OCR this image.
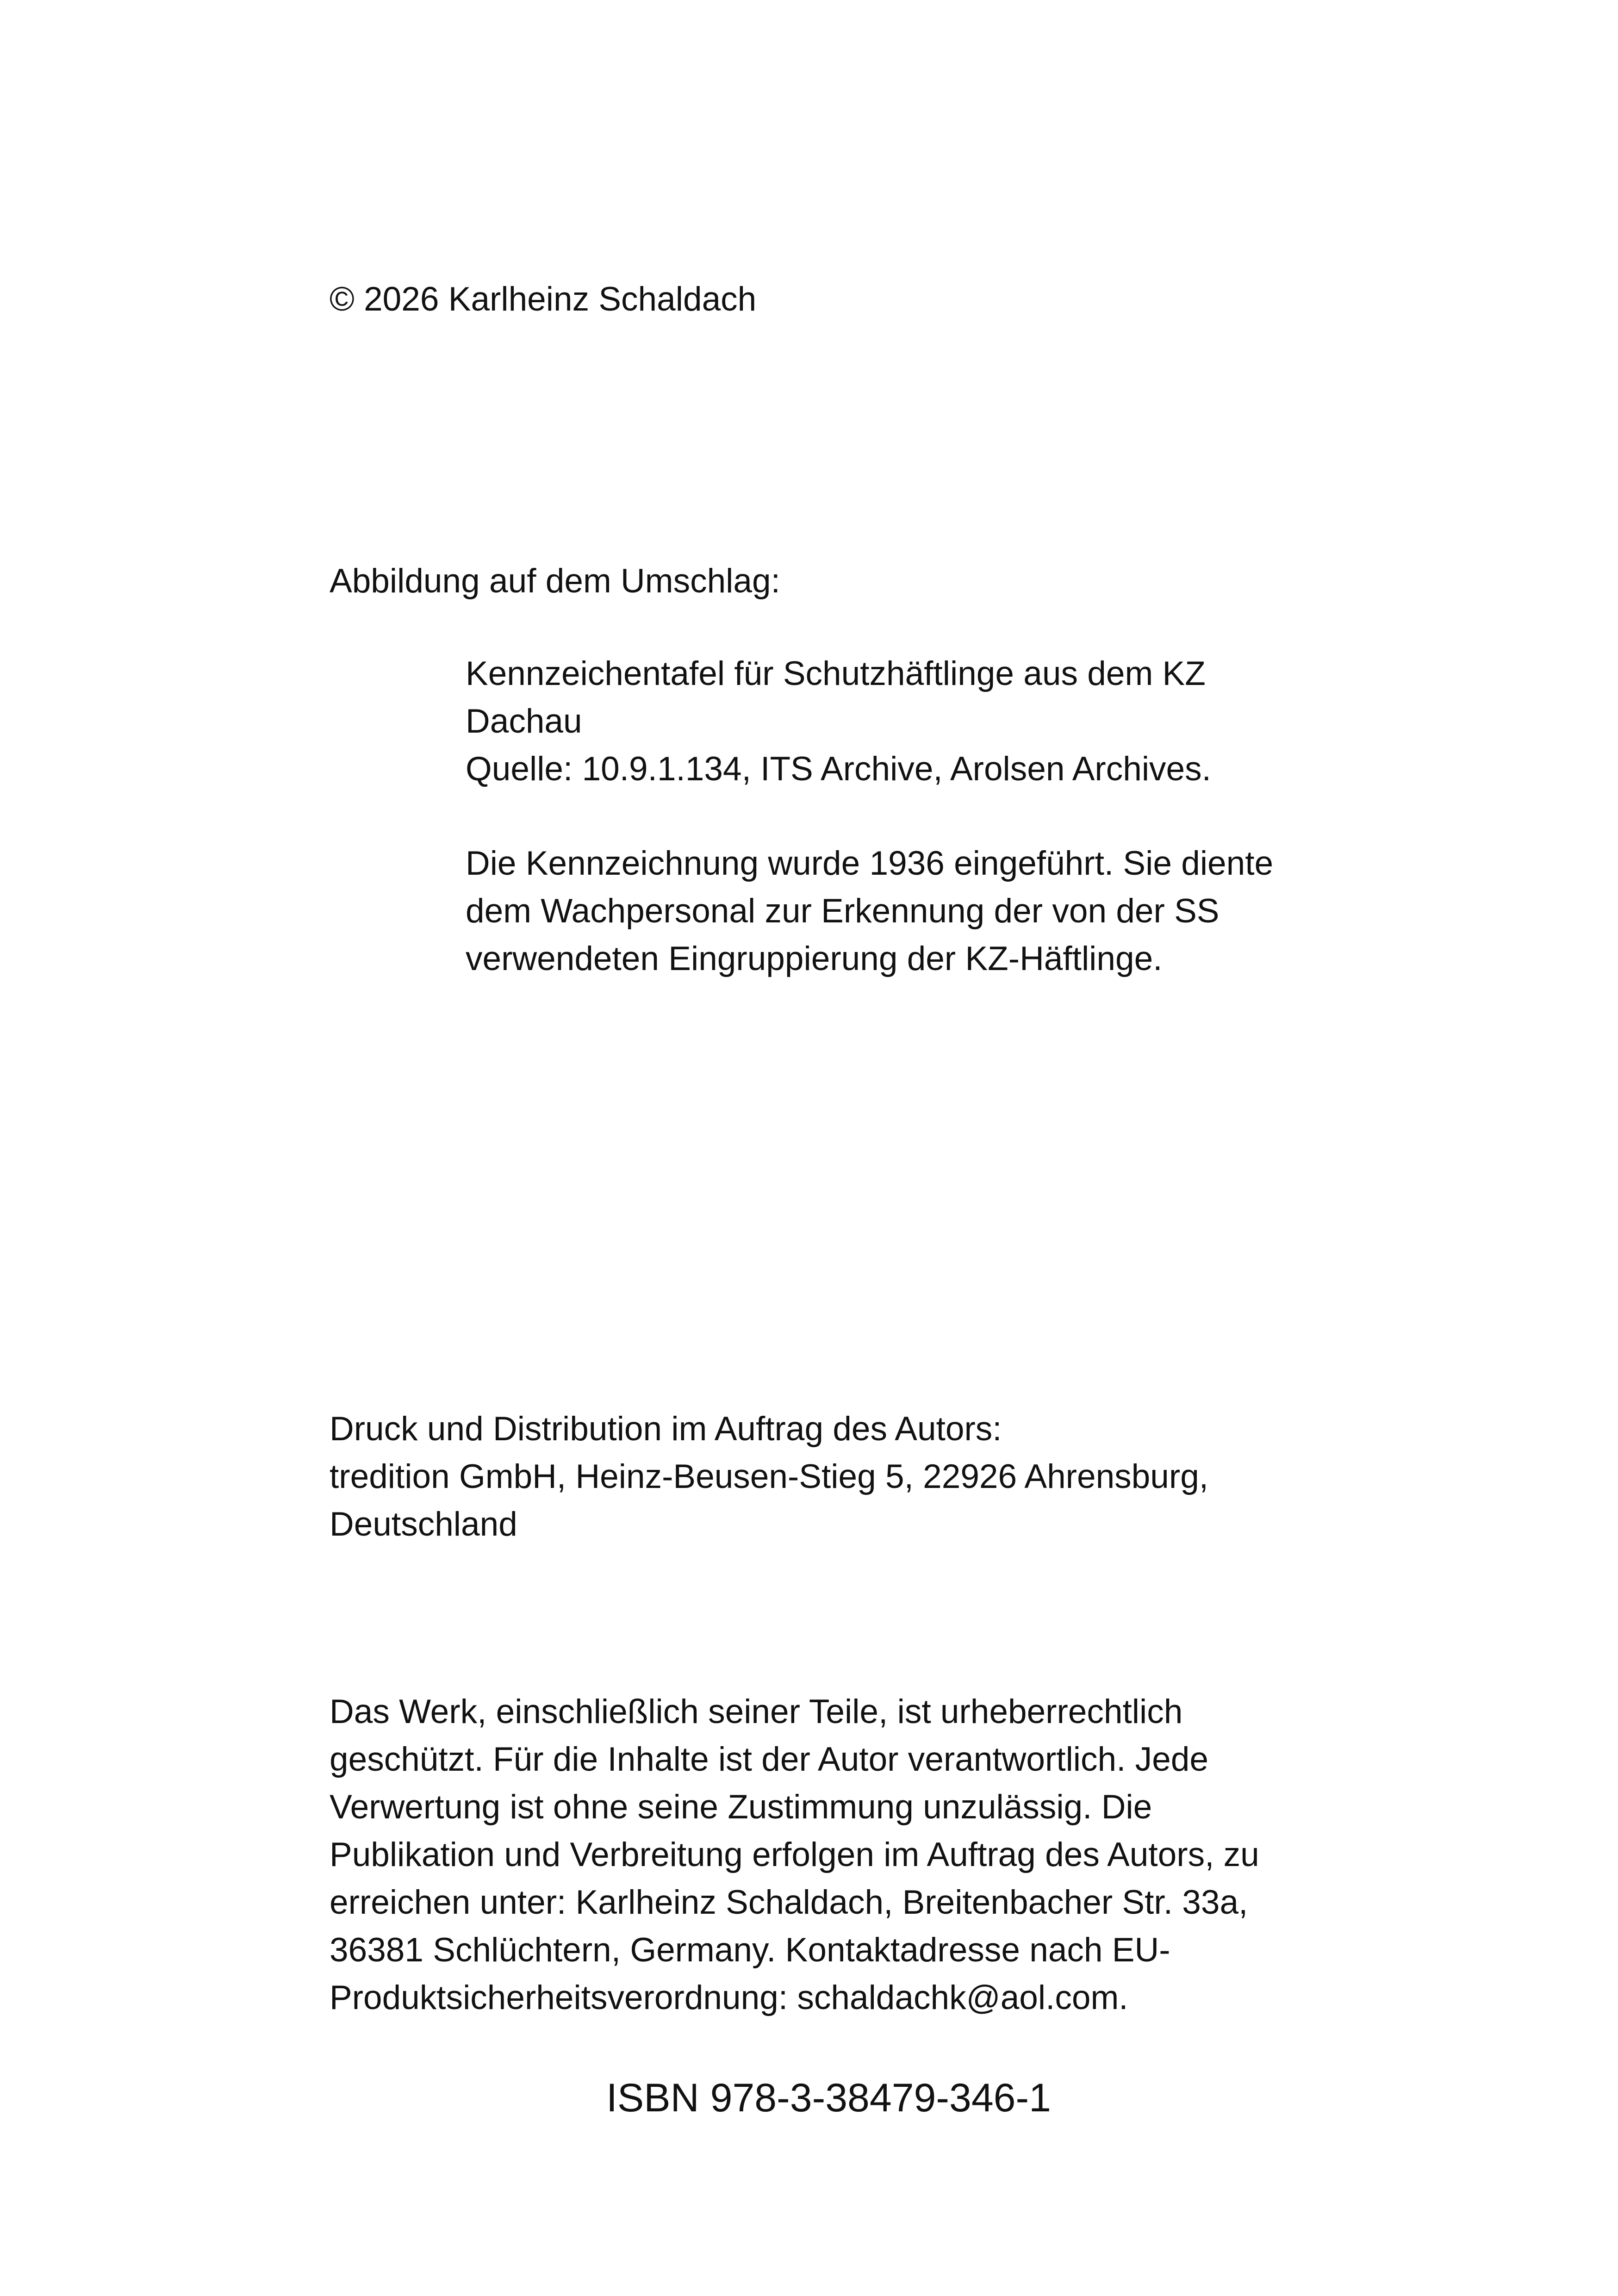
© 2026 Karlheinz Schaldach
Abbildung auf dem Umschlag:
Kennzeichentafel für Schutzhäftlinge aus dem KZ
Dachau
Quelle: 10.9.1.134, ITS Archive, Arolsen Archives.
Die Kennzeichnung wurde 1936 eingeführt. Sie diente
dem Wachpersonal zur Erkennung der von der SS
verwendeten Eingruppierung der KZ-Häftlinge.
Druck und Distribution im Auftrag des Autors:
tredition GmbH, Heinz-Beusen-Stieg 5, 22926 Ahrensburg,
Deutschland
Das Werk, einschließlich seiner Teile, ist urheberrechtlich
geschützt. Für die Inhalte ist der Autor verantwortlich. Jede
Verwertung ist ohne seine Zustimmung unzulässig. Die
Publikation und Verbreitung erfolgen im Auftrag des Autors, zu
erreichen unter: Karlheinz Schaldach, Breitenbacher Str. 33a,
36381 Schlüchtern, Germany. Kontaktadresse nach EU-
Produktsicherheitsverordnung: schaldachk@aol.com.
ISBN 978-3-38479-346-1
